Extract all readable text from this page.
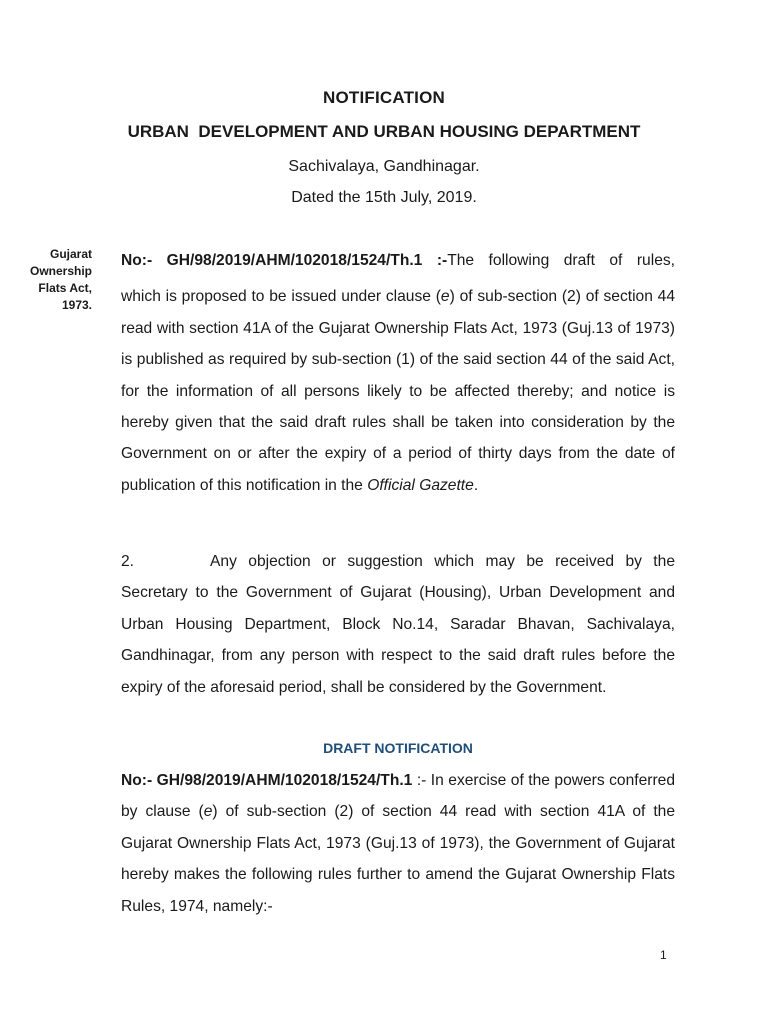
NOTIFICATION
URBAN  DEVELOPMENT AND URBAN HOUSING DEPARTMENT
Sachivalaya, Gandhinagar.
Dated the 15th July, 2019.
Gujarat
Ownership
Flats Act,
1973.
No:- GH/98/2019/AHM/102018/1524/Th.1 :-The following draft of rules,
which is proposed to be issued under clause (e) of sub-section (2) of section 44 read with section 41A of the Gujarat Ownership Flats Act, 1973 (Guj.13 of 1973) is published as required by sub-section (1) of the said section 44 of the said Act, for the information of all persons likely to be affected thereby; and notice is hereby given that the said draft rules shall be taken into consideration by the Government on or after the expiry of a period of thirty days from the date of publication of this notification in the Official Gazette.
2.	Any objection or suggestion which may be received by the Secretary to the Government of Gujarat (Housing), Urban Development and Urban Housing Department, Block No.14, Saradar Bhavan, Sachivalaya, Gandhinagar, from any person with respect to the said draft rules before the expiry of the aforesaid period, shall be considered by the Government.
DRAFT NOTIFICATION
No:- GH/98/2019/AHM/102018/1524/Th.1 :- In exercise of the powers conferred by clause (e) of sub-section (2) of section 44 read with section 41A of the Gujarat Ownership Flats Act, 1973 (Guj.13 of 1973), the Government of Gujarat hereby makes the following rules further to amend the Gujarat Ownership Flats Rules, 1974, namely:-
1
